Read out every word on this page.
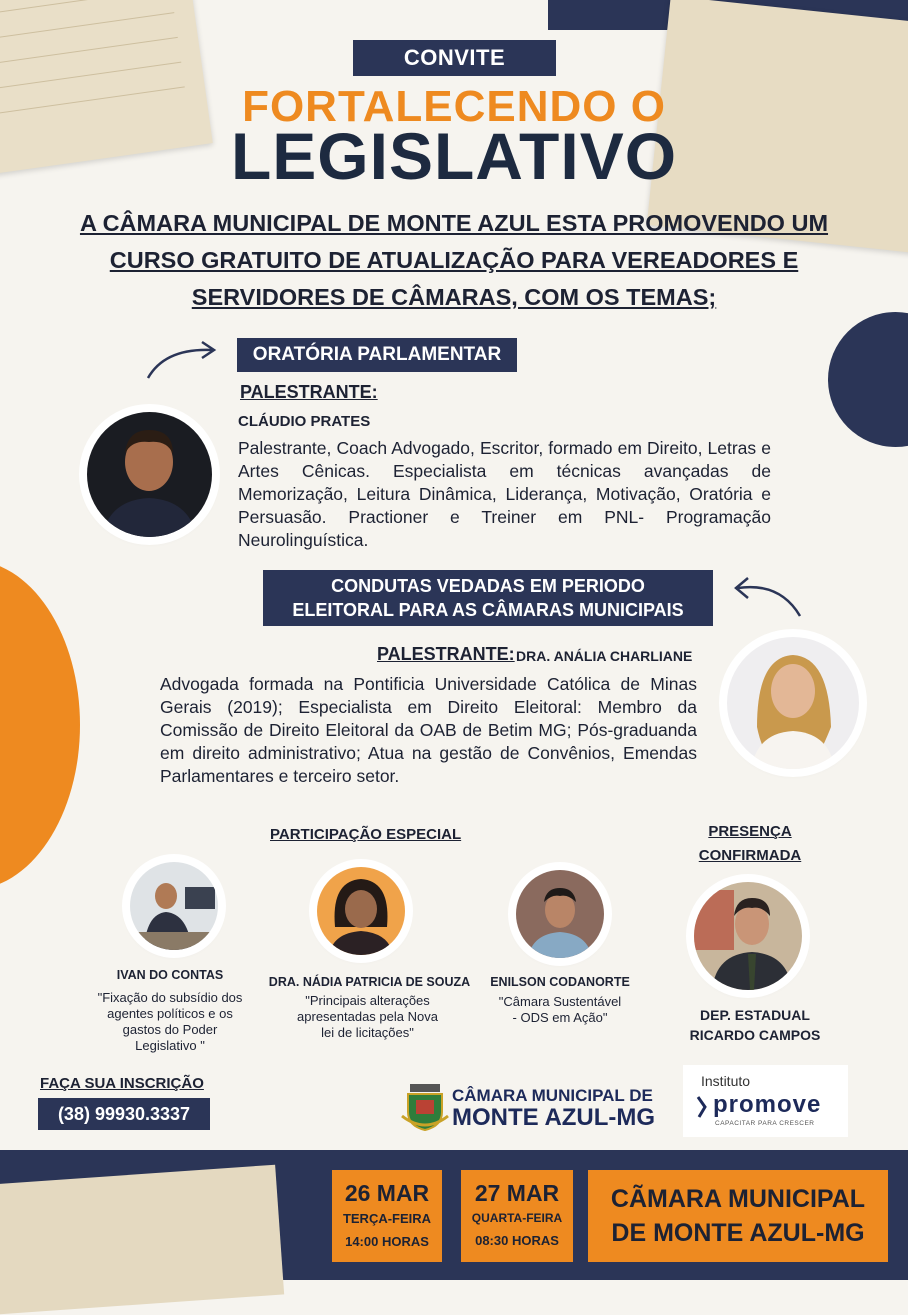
CONVITE
FORTALECENDO O
LEGISLATIVO
A CÂMARA MUNICIPAL DE MONTE AZUL ESTA PROMOVENDO UM
CURSO GRATUITO DE ATUALIZAÇÃO PARA VEREADORES E
SERVIDORES DE CÂMARAS, COM OS TEMAS;
ORATÓRIA PARLAMENTAR
PALESTRANTE:
CLÁUDIO PRATES
Palestrante, Coach Advogado, Escritor, formado em Direito, Letras e Artes Cênicas. Especialista em técnicas avançadas de Memorização, Leitura Dinâmica, Liderança, Motivação, Oratória e Persuasão. Practioner e Treiner em PNL- Programação Neurolinguística.
CONDUTAS VEDADAS EM PERIODO
ELEITORAL PARA AS CÂMARAS MUNICIPAIS
PALESTRANTE: DRA. ANÁLIA CHARLIANE
Advogada formada na Pontificia Universidade Católica de Minas Gerais (2019); Especialista em Direito Eleitoral: Membro da Comissão de Direito Eleitoral da OAB de Betim MG; Pós-graduanda em direito administrativo; Atua na gestão de Convênios, Emendas Parlamentares e terceiro setor.
PARTICIPAÇÃO ESPECIAL
IVAN DO CONTAS
"Fixação do subsídio dos agentes políticos e os gastos do Poder Legislativo "
DRA. NÁDIA PATRICIA DE SOUZA
"Principais alterações apresentadas pela Nova lei de licitações"
ENILSON CODANORTE
"Câmara Sustentável - ODS em Ação"
PRESENÇA
CONFIRMADA
DEP. ESTADUAL
RICARDO CAMPOS
FAÇA SUA INSCRIÇÃO
(38) 99930.3337
CÂMARA MUNICIPAL DE
MONTE AZUL-MG
Instituto
promove
CAPACITAR PARA CRESCER
26 MAR
TERÇA-FEIRA
14:00 HORAS
27 MAR
QUARTA-FEIRA
08:30 HORAS
CÃMARA MUNICIPAL
DE MONTE AZUL-MG
